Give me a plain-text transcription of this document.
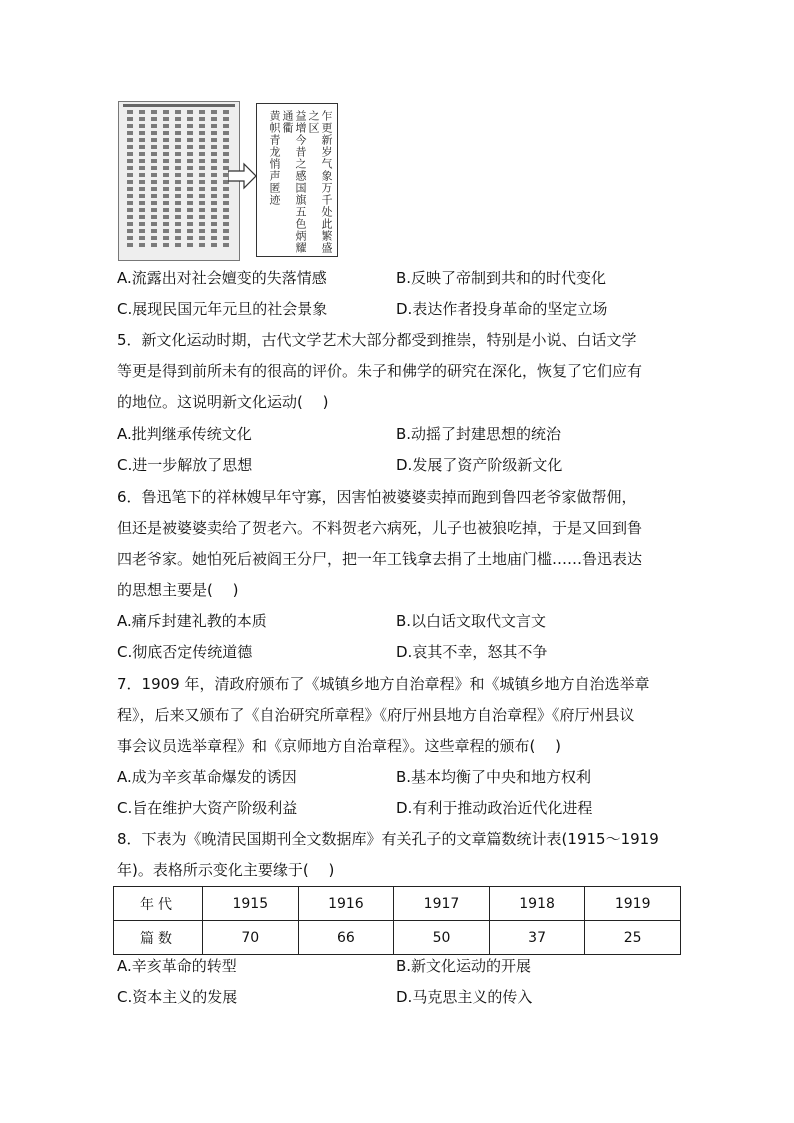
乍更新岁气象万千处此繁盛之区
益增今昔之感国旗五色炳耀通衢
黄帜青龙悄声匿迹
A.流露出对社会嬗变的失落情感	B.反映了帝制到共和的时代变化
C.展现民国元年元旦的社会景象	D.表达作者投身革命的坚定立场
5．新文化运动时期，古代文学艺术大部分都受到推崇，特别是小说、白话文学
等更是得到前所未有的很高的评价。朱子和佛学的研究在深化，恢复了它们应有
的地位。这说明新文化运动(　 )
A.批判继承传统文化	B.动摇了封建思想的统治
C.进一步解放了思想	D.发展了资产阶级新文化
6．鲁迅笔下的祥林嫂早年守寡，因害怕被婆婆卖掉而跑到鲁四老爷家做帮佣，
但还是被婆婆卖给了贺老六。不料贺老六病死，儿子也被狼吃掉，于是又回到鲁
四老爷家。她怕死后被阎王分尸，把一年工钱拿去捐了土地庙门槛……鲁迅表达
的思想主要是(　 )
A.痛斥封建礼教的本质	B.以白话文取代文言文
C.彻底否定传统道德	D.哀其不幸，怒其不争
7．1909 年，清政府颁布了《城镇乡地方自治章程》和《城镇乡地方自治选举章
程》，后来又颁布了《自治研究所章程》《府厅州县地方自治章程》《府厅州县议
事会议员选举章程》和《京师地方自治章程》。这些章程的颁布(　 )
A.成为辛亥革命爆发的诱因	B.基本均衡了中央和地方权利
C.旨在维护大资产阶级利益	D.有利于推动政治近代化进程
8．下表为《晚清民国期刊全文数据库》有关孔子的文章篇数统计表(1915～1919
年)。表格所示变化主要缘于(　 )
年代	1915	1916	1917	1918	1919
篇数	70	66	50	37	25
A.辛亥革命的转型	B.新文化运动的开展
C.资本主义的发展	D.马克思主义的传入
